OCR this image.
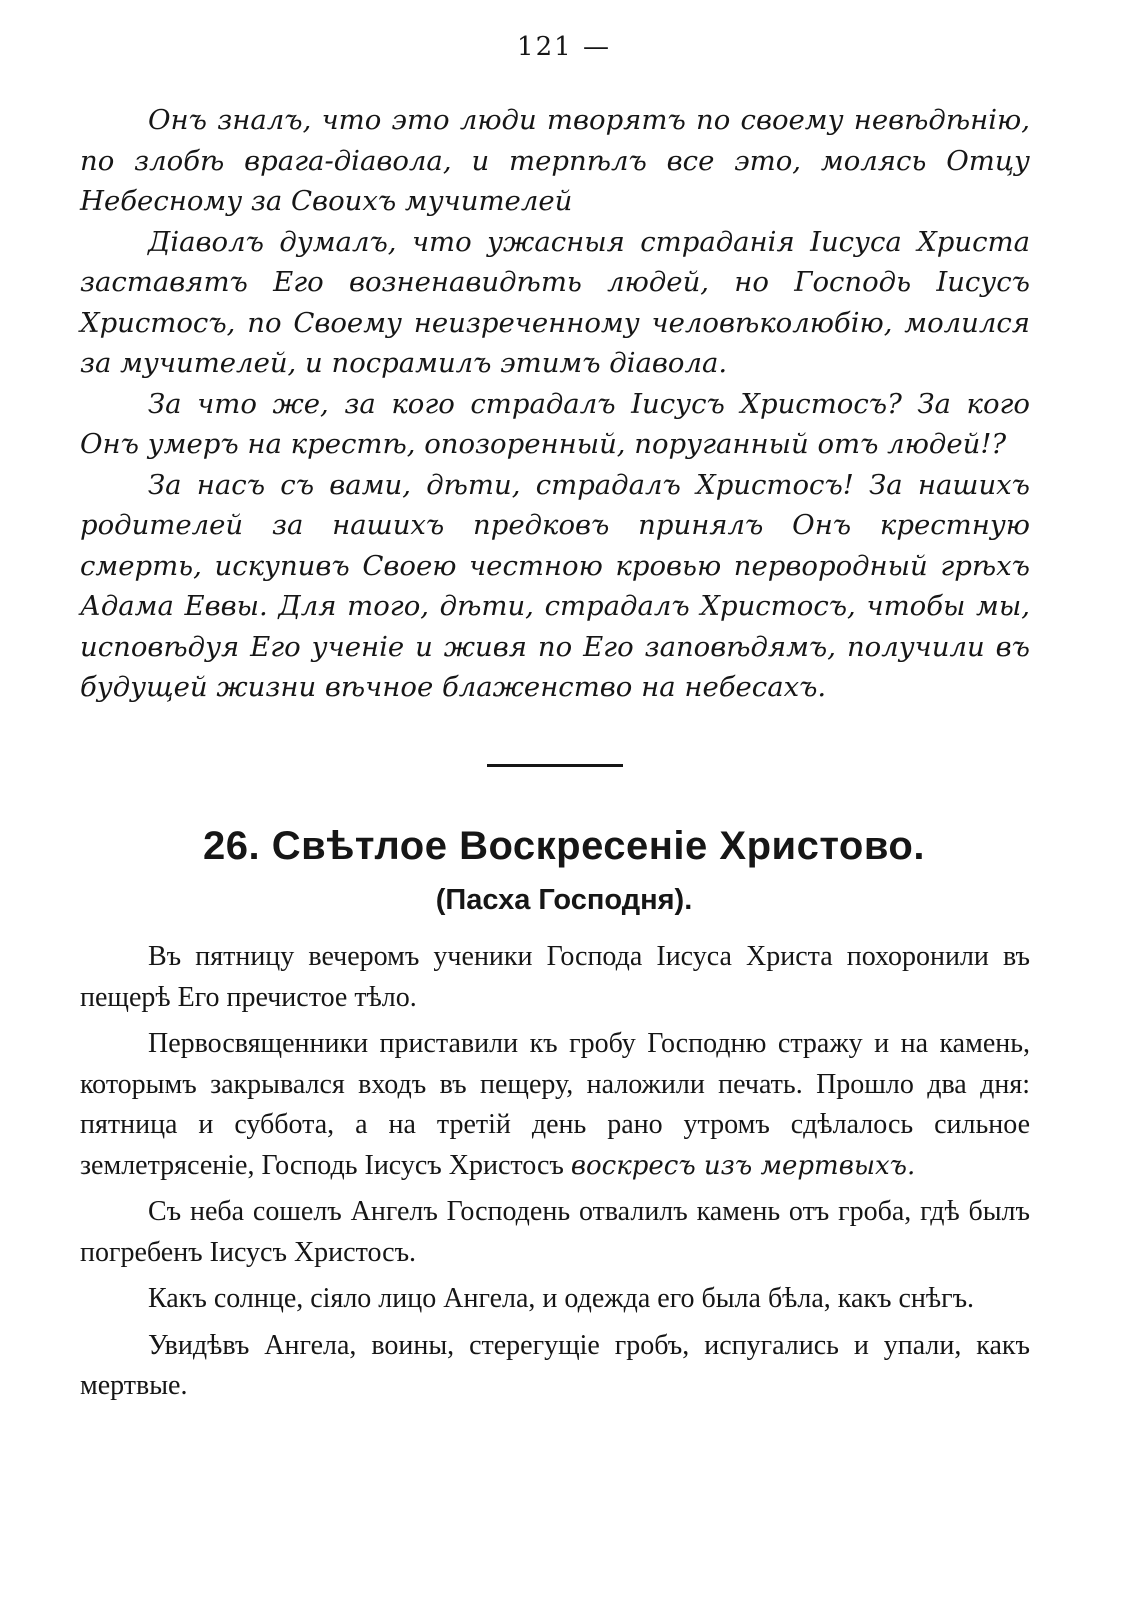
121 —

Онъ зналъ, что это люди творятъ по своему невѣдѣнію, по злобѣ врага-діавола, и терпѣлъ все это, молясь Отцу Небесному за Своихъ мучителей

Діаволъ думалъ, что ужасныя страданія Іисуса Христа заставятъ Его возненавидѣть людей, но Господь Іисусъ Христосъ, по Своему неизреченному человѣколюбію, молился за мучителей, и посрамилъ этимъ діавола.

За что же, за кого страдалъ Іисусъ Христосъ? За кого Онъ умеръ на крестѣ, опозоренный, поруганный отъ людей!?

За насъ съ вами, дѣти, страдалъ Христосъ! За нашихъ родителей за нашихъ предковъ принялъ Онъ крестную смерть, искупивъ Своею честною кровью первородный грѣхъ Адама Еввы. Для того, дѣти, страдалъ Христосъ, чтобы мы, исповѣдуя Его ученіе и живя по Его заповѣдямъ, получили въ будущей жизни вѣчное блаженство на небесахъ.

26. Свѣтлое Воскресеніе Христово.
(Пасха Господня).

Въ пятницу вечеромъ ученики Господа Іисуса Христа похоронили въ пещерѣ Его пречистое тѣло.

Первосвященники приставили къ гробу Господню стражу и на камень, которымъ закрывался входъ въ пещеру, наложили печать. Прошло два дня: пятница и суббота, а на третій день рано утромъ сдѣлалось сильное землетрясеніе, Господь Іисусъ Христосъ воскресъ изъ мертвыхъ.

Съ неба сошелъ Ангелъ Господень отвалилъ камень отъ гроба, гдѣ былъ погребенъ Іисусъ Христосъ.

Какъ солнце, сіяло лицо Ангела, и одежда его была бѣла, какъ снѣгъ.

Увидѣвъ Ангела, воины, стерегущіе гробъ, испугались и упали, какъ мертвые.
